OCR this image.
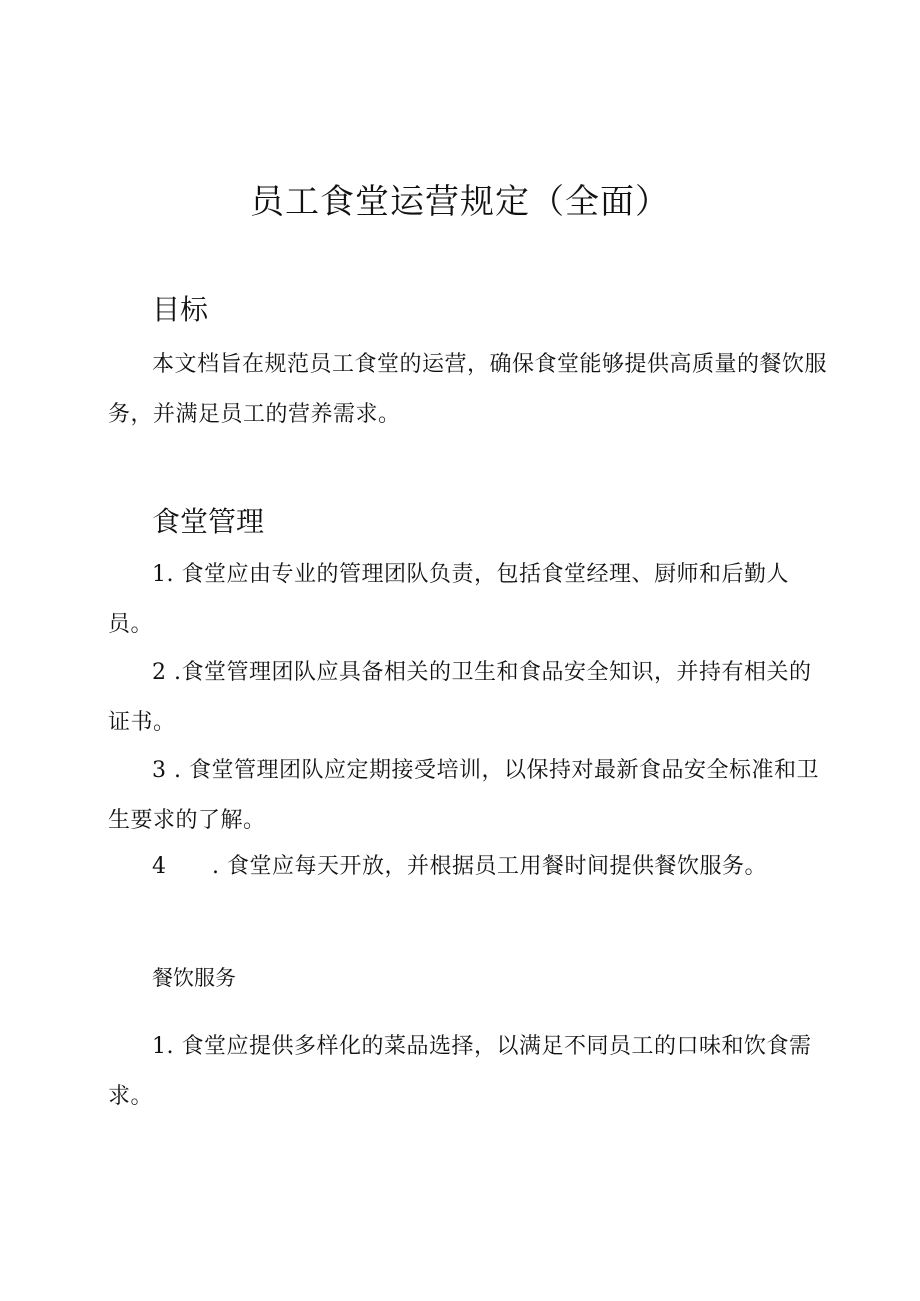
员工食堂运营规定（全面）
目标

本文档旨在规范员工食堂的运营，确保食堂能够提供高质量的餐饮服务，并满足员工的营养需求。

食堂管理

1. 食堂应由专业的管理团队负责，包括食堂经理、厨师和后勤人员。

2 .食堂管理团队应具备相关的卫生和食品安全知识，并持有相关的证书。

3 . 食堂管理团队应定期接受培训，以保持对最新食品安全标准和卫生要求的了解。

4 . 食堂应每天开放，并根据员工用餐时间提供餐饮服务。

餐饮服务

1. 食堂应提供多样化的菜品选择，以满足不同员工的口味和饮食需求。
